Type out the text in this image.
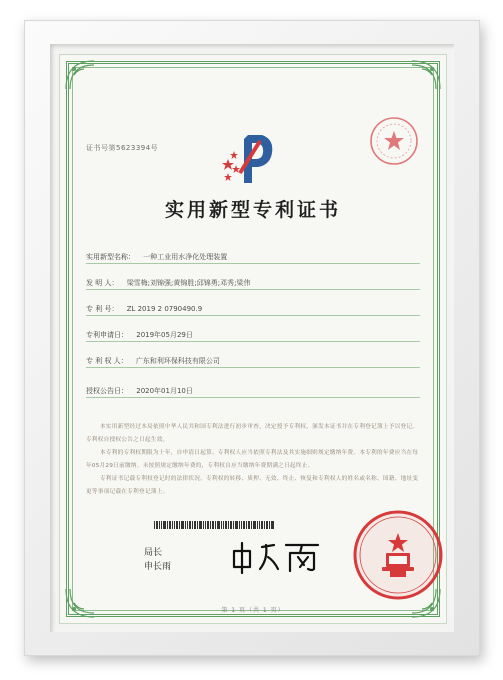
证书号第5623394号
实用新型专利证书
实用新型名称： 一种工业用水净化处理装置
发 明 人： 梁雪梅;刘锦强;黄锦胜;邱锦勇;邓秀;梁伟
专 利 号： ZL 2019 2 0790490.9
专利申请日： 2019年05月29日
专 利 权 人： 广东和利环保科技有限公司
授权公告日： 2020年01月10日

本实用新型经过本局依照中华人民共和国专利法进行初步审查，决定授予专利权，颁发本证书并在专利登记簿上予以登记。专利权自授权公告之日起生效。

本专利的专利权期限为十年，自申请日起算。专利权人应当依照专利法及其实施细则规定缴纳年费。本专利的年费应当在每年05月29日前缴纳。未按照规定缴纳年费的，专利权自应当缴纳年费期满之日起终止。

专利证书记载专利权登记时的法律状况。专利权的转移、质押、无效、终止、恢复和专利权人的姓名或名称、国籍、地址变更等事项记载在专利登记簿上。

局长
申长雨
第 1 页（共 1 页）
